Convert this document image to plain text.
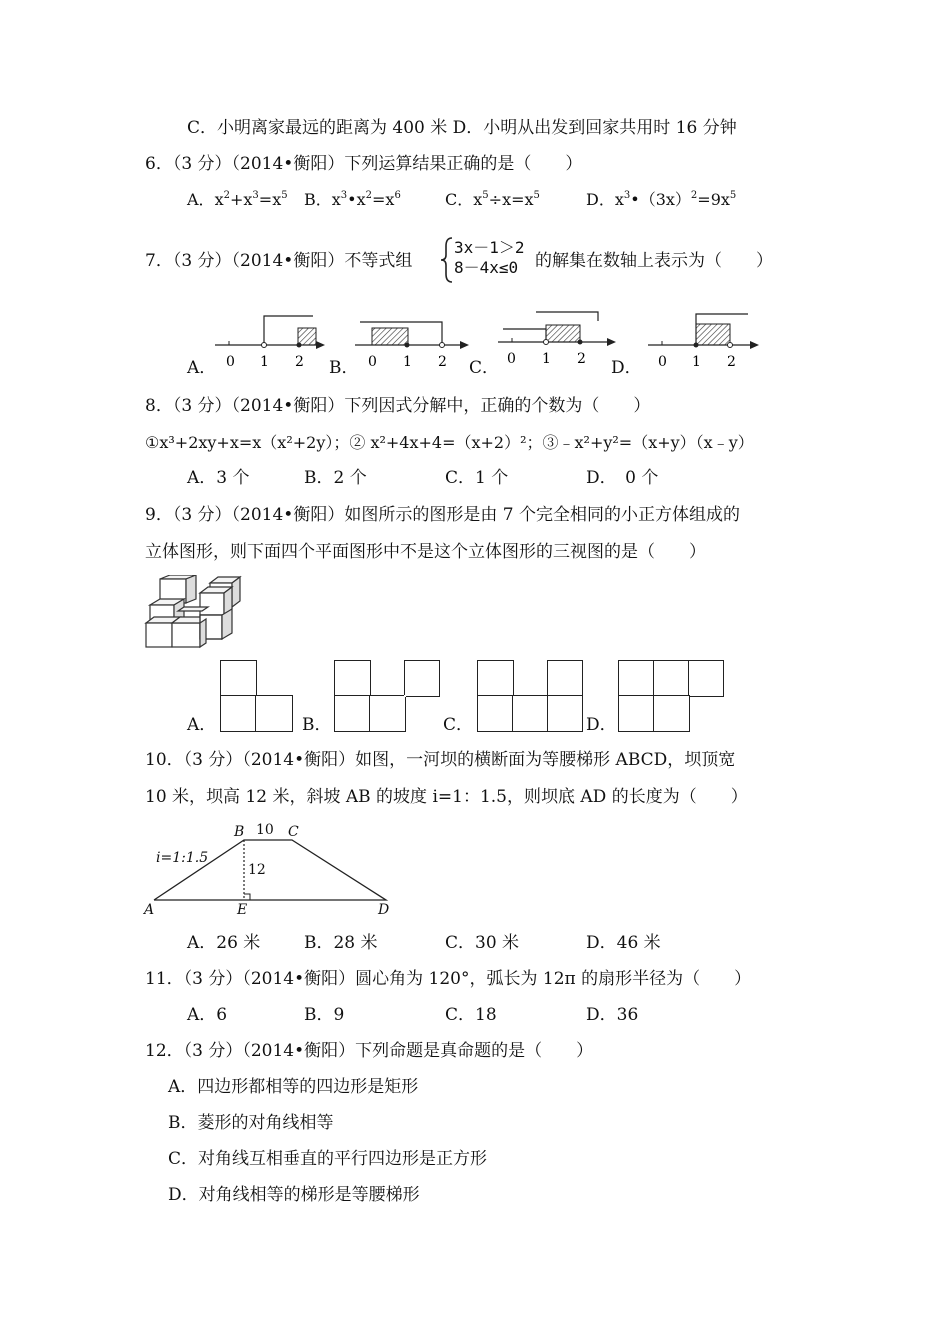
C．小明离家最远的距离为 400 米 D．小明从出发到回家共用时 16 分钟
6．（3 分）（2014•衡阳）下列运算结果正确的是（　　）
A．$x^2+x^3=x^5$ B．$x^3•x^2=x^6$	C．$x^5\div x=x^5$	D．$x^3•(3x)^2=9x^5$
7．（3 分）（2014•衡阳）不等式组
3x－1＞2
8－4x≤0 的解集在数轴上表示为（　　）
A． 0 1 2 B． 0 1 2 C． 0 1 2 D． 0 1 2
8．（3 分）（2014•衡阳）下列因式分解中，正确的个数为（　　）
①x³+2xy+x=x（x²+2y）；② x²+4x+4=（x+2）²；③﹣x²+y²=（x+y）（x﹣y）
A．3 个	B．2 个	C．1 个	D．　0 个
9．（3 分）（2014•衡阳）如图所示的图形是由 7 个完全相同的小正方体组成的
立体图形，则下面四个平面图形中不是这个立体图形的三视图的是（　　）
A．	B．	C．	D．
10．（3 分）（2014•衡阳）如图，一河坝的横断面为等腰梯形 ABCD，坝顶宽
10 米，坝高 12 米，斜坡 AB 的坡度 i=1：1.5，则坝底 AD 的长度为（　　）
A
B	C
D
E
i=1:1.5
10
12
A．26 米	B．28 米	C．30 米	D．46 米
11．（3 分）（2014•衡阳）圆心角为 120°，弧长为 12π 的扇形半径为（　　）
A．6	B．9	C．18	D．36
12．（3 分）（2014•衡阳）下列命题是真命题的是（　　）
A．四边形都相等的四边形是矩形
B．菱形的对角线相等
C．对角线互相垂直的平行四边形是正方形
D．对角线相等的梯形是等腰梯形
